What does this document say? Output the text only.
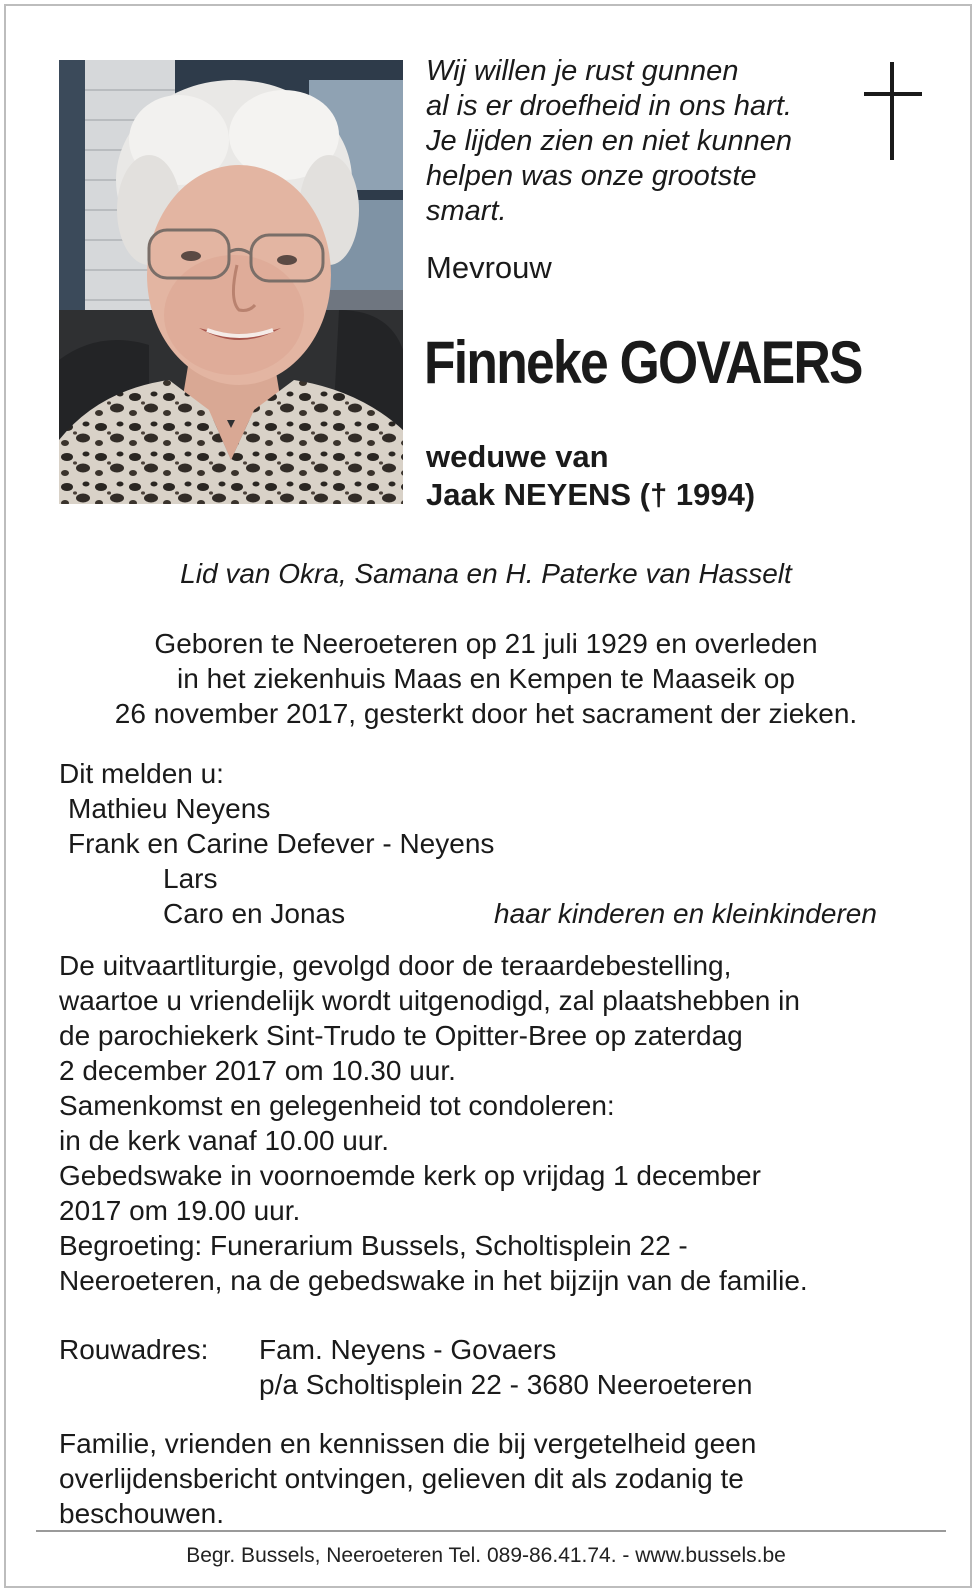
Wij willen je rust gunnen
al is er droefheid in ons hart.
Je lijden zien en niet kunnen
helpen was onze grootste
smart.
Mevrouw
Finneke GOVAERS
weduwe van
Jaak NEYENS († 1994)
Lid van Okra, Samana en H. Paterke van Hasselt
Geboren te Neeroeteren op 21 juli 1929 en overleden
in het ziekenhuis Maas en Kempen te Maaseik op
26 november 2017, gesterkt door het sacrament der zieken.
Dit melden u:
Mathieu Neyens
Frank en Carine Defever - Neyens
Lars
Caro en Jonas	haar kinderen en kleinkinderen
De uitvaartliturgie, gevolgd door de teraardebestelling,
waartoe u vriendelijk wordt uitgenodigd, zal plaatshebben in
de parochiekerk Sint-Trudo te Opitter-Bree op zaterdag
2 december 2017 om 10.30 uur.
Samenkomst en gelegenheid tot condoleren:
in de kerk vanaf 10.00 uur.
Gebedswake in voornoemde kerk op vrijdag 1 december
2017 om 19.00 uur.
Begroeting: Funerarium Bussels, Scholtisplein 22 -
Neeroeteren, na de gebedswake in het bijzijn van de familie.
Rouwadres: Fam. Neyens - Govaers
p/a Scholtisplein 22 - 3680 Neeroeteren
Familie, vrienden en kennissen die bij vergetelheid geen
overlijdensbericht ontvingen, gelieven dit als zodanig te
beschouwen.
Begr. Bussels, Neeroeteren Tel. 089-86.41.74. - www.bussels.be
